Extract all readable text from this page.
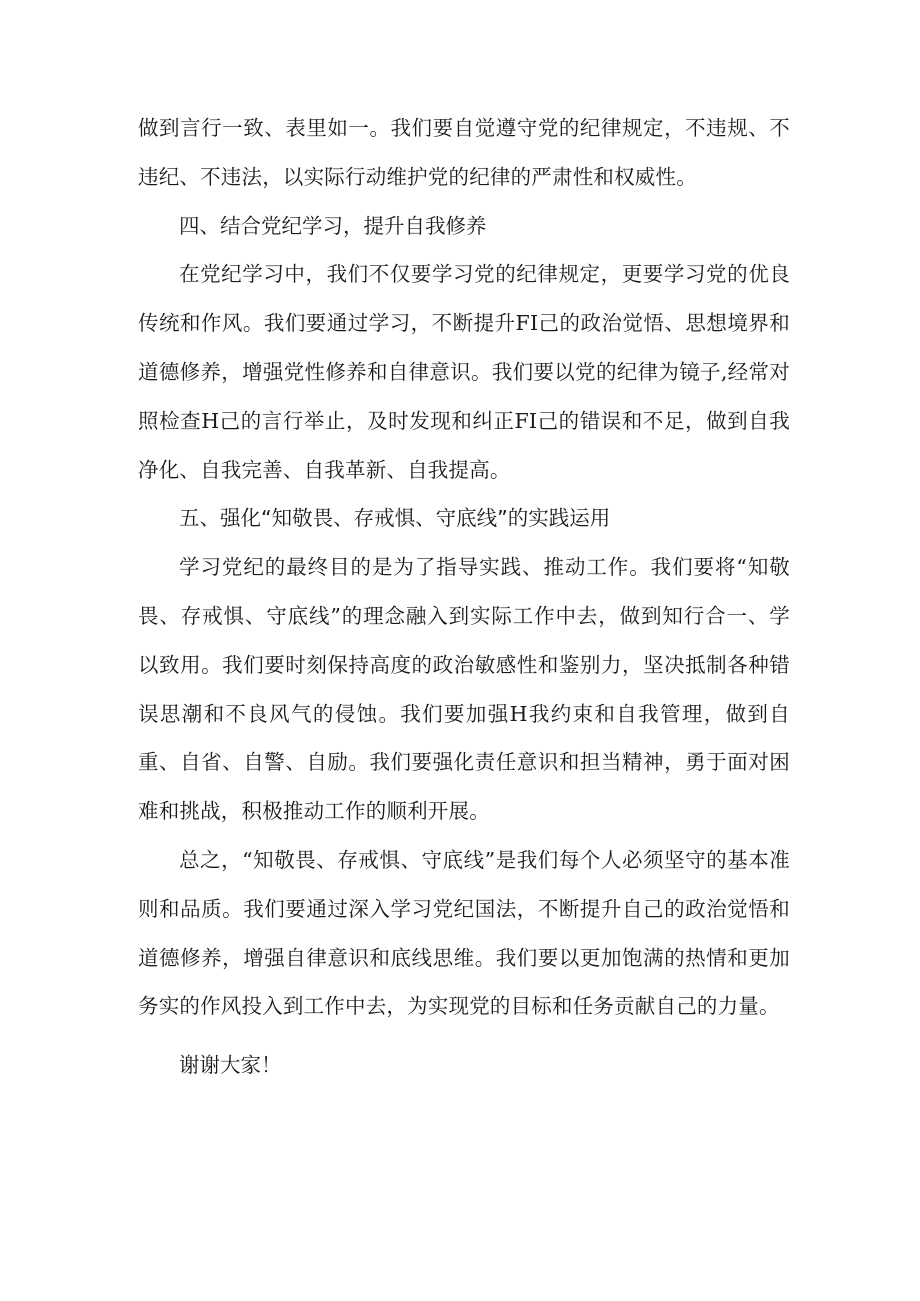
做到言行一致、表里如一。我们要自觉遵守党的纪律规定，不违规、不违纪、不违法，以实际行动维护党的纪律的严肃性和权威性。

四、结合党纪学习，提升自我修养

在党纪学习中，我们不仅要学习党的纪律规定，更要学习党的优良传统和作风。我们要通过学习，不断提升FI己的政治觉悟、思想境界和道德修养，增强党性修养和自律意识。我们要以党的纪律为镜子,经常对照检查H己的言行举止，及时发现和纠正FI己的错误和不足，做到自我净化、自我完善、自我革新、自我提高。

五、强化“知敬畏、存戒惧、守底线”的实践运用

学习党纪的最终目的是为了指导实践、推动工作。我们要将“知敬畏、存戒惧、守底线”的理念融入到实际工作中去，做到知行合一、学以致用。我们要时刻保持高度的政治敏感性和鉴别力，坚决抵制各种错误思潮和不良风气的侵蚀。我们要加强H我约束和自我管理，做到自重、自省、自警、自励。我们要强化责任意识和担当精神，勇于面对困难和挑战，积极推动工作的顺利开展。

总之，“知敬畏、存戒惧、守底线”是我们每个人必须坚守的基本准则和品质。我们要通过深入学习党纪国法，不断提升自己的政治觉悟和道德修养，增强自律意识和底线思维。我们要以更加饱满的热情和更加务实的作风投入到工作中去，为实现党的目标和任务贡献自己的力量。

谢谢大家！
